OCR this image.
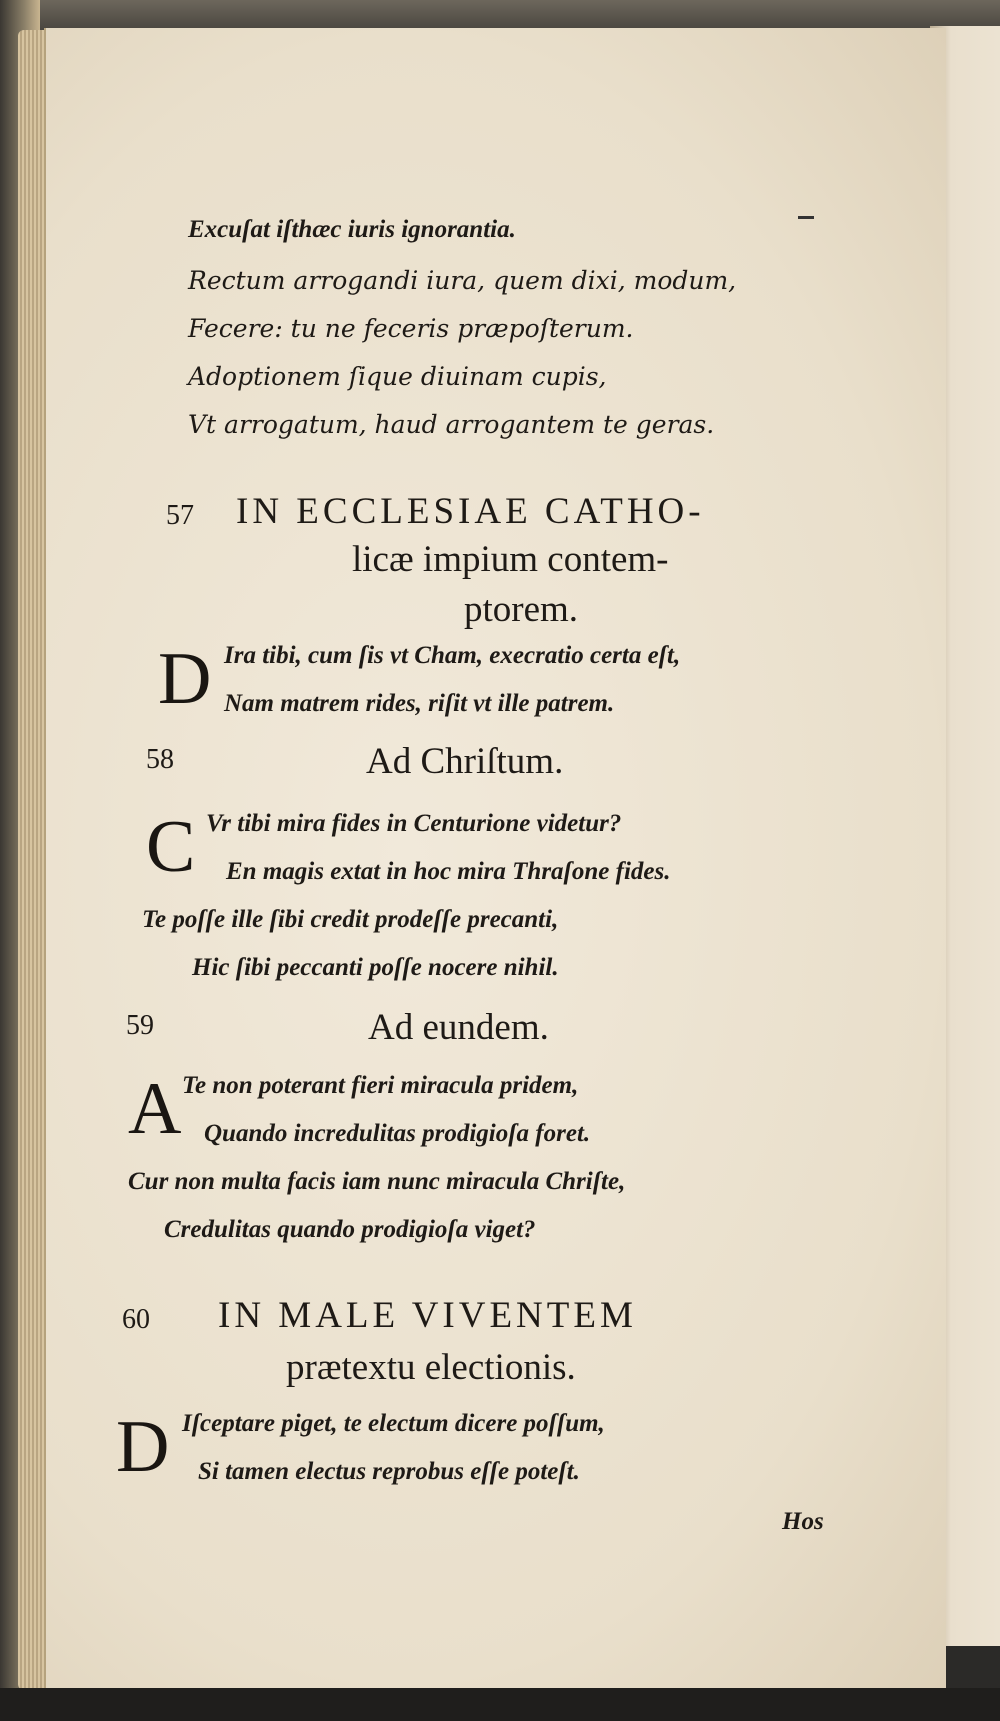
Excuſat iſthæc iuris ignorantia.

Rectum arrogandi iura, quem dixi, modum,

Fecere: tu ne feceris præpoſterum.

Adoptionem ſique diuinam cupis,

Vt arrogatum, haud arrogantem te geras.

57 IN ECCLESIAE CATHO-

licæ impium contem-

ptorem.

D Ira tibi, cum ſis vt Cham, execratio certa eſt,

Nam matrem rides, riſit vt ille patrem.

58	Ad Chriſtum.

C Vr tibi mira fides in Centurione videtur?

En magis extat in hoc mira Thraſone fides.

Te poſſe ille ſibi credit prodeſſe precanti,

Hic ſibi peccanti poſſe nocere nihil.

59	Ad eundem.

A Te non poterant fieri miracula pridem,

Quando incredulitas prodigioſa foret.

Cur non multa facis iam nunc miracula Chriſte,

Credulitas quando prodigioſa viget?

60 IN MALE VIVENTEM

prætextu electionis.

D Iſceptare piget, te electum dicere poſſum,

Si tamen electus reprobus eſſe poteſt.

Hos
